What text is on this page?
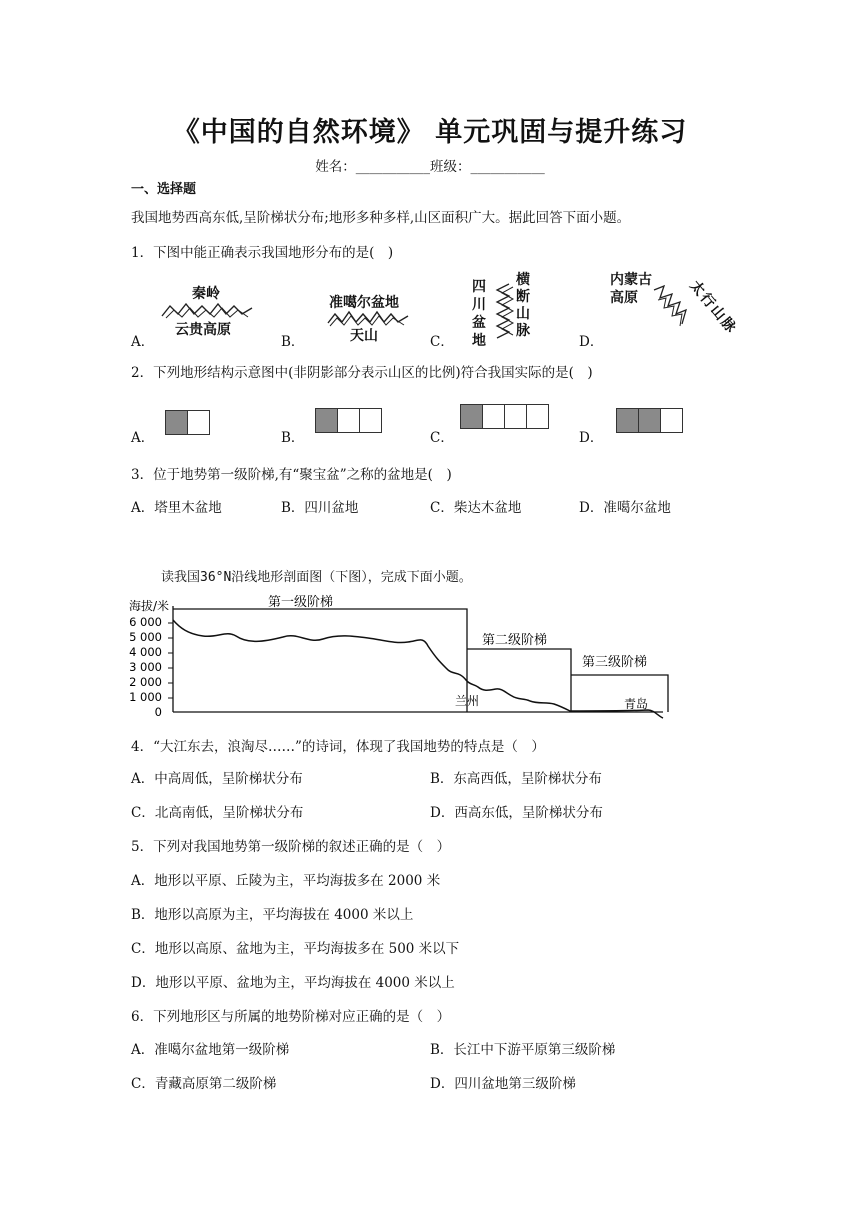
《中国的自然环境》 单元巩固与提升练习
姓名：___________班级：___________
一、选择题
我国地势西高东低,呈阶梯状分布;地形多种多样,山区面积广大。据此回答下面小题。
1．下图中能正确表示我国地形分布的是(　)
A．
秦岭
云贵高原
B．
准噶尔盆地
天山	C．
四川盆地
横断山脉
D．
内蒙古高原	太行山脉
2．下列地形结构示意图中(非阴影部分表示山区的比例)符合我国实际的是(　)
A．	B．	C．	D．
3．位于地势第一级阶梯,有“聚宝盆”之称的盆地是(　)
A．塔里木盆地	B．四川盆地	C．柴达木盆地	D．准噶尔盆地
读我国36°N沿线地形剖面图（下图），完成下面小题。
海拔/米
6 000
5 000
4 000
3 000
2 000
1 000
0
第一级阶梯
第二级阶梯
第三级阶梯
兰州	青岛
4．“大江东去，浪淘尽……”的诗词，体现了我国地势的特点是（　）
A．中高周低，呈阶梯状分布	B．东高西低，呈阶梯状分布
C．北高南低，呈阶梯状分布	D．西高东低，呈阶梯状分布
5．下列对我国地势第一级阶梯的叙述正确的是（　）
A．地形以平原、丘陵为主，平均海拔多在 2000 米
B．地形以高原为主，平均海拔在 4000 米以上
C．地形以高原、盆地为主，平均海拔多在 500 米以下
D．地形以平原、盆地为主，平均海拔在 4000 米以上
6．下列地形区与所属的地势阶梯对应正确的是（　）
A．准噶尔盆地第一级阶梯	B．长江中下游平原第三级阶梯
C．青藏高原第二级阶梯	D．四川盆地第三级阶梯
